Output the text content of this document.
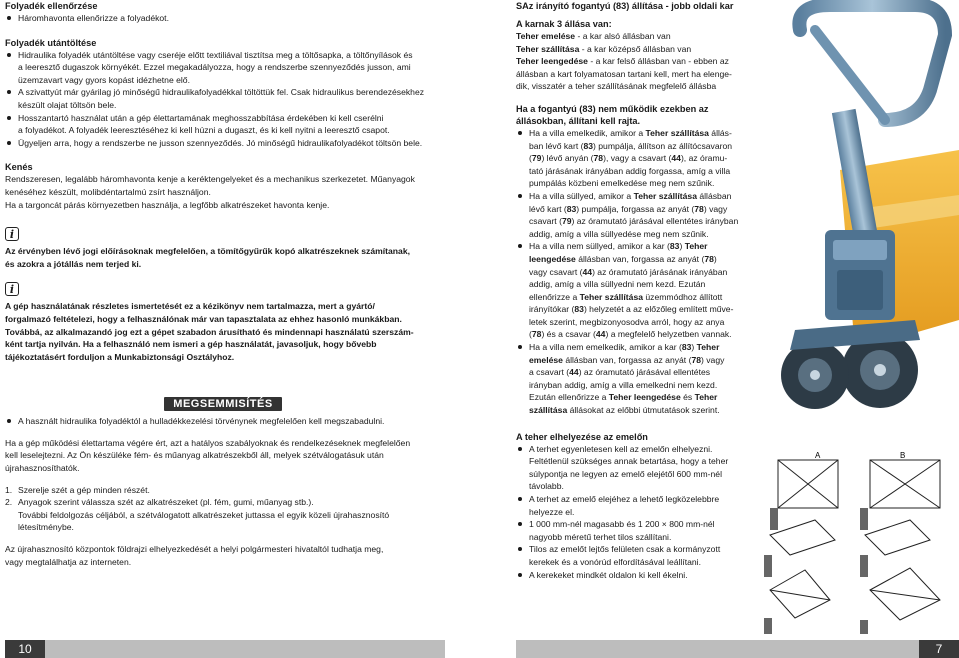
Folyadék ellenőrzése

Háromhavonta ellenőrizze a folyadékot.

Folyadék utántöltése

Hidraulika folyadék utántöltése vagy cseréje előtt textiliával tisztítsa meg a töltősapka, a töltőnyílások és
a leeresztő dugaszok környékét. Ezzel megakadályozza, hogy a rendszerbe szennyeződés jusson, ami
üzemzavart vagy gyors kopást idézhetne elő.
A szivattyút már gyárilag jó minőségű hidraulikafolyadékkal töltöttük fel. Csak hidraulikus berendezésekhez
készült olajat töltsön bele.
Hosszantartó használat után a gép élettartamának meghosszabbítása érdekében ki kell cserélni
a folyadékot. A folyadék leeresztéséhez ki kell húzni a dugaszt, és ki kell nyitni a leeresztő csapot.
Ügyeljen arra, hogy a rendszerbe ne jusson szennyeződés. Jó minőségű hidraulikafolyadékot töltsön bele.

Kenés

Rendszeresen, legalább háromhavonta kenje a keréktengelyeket és a mechanikus szerkezetet. Műanyagok

kenéséhez készült, molibdéntartalmú zsírt használjon.

Ha a targoncát párás környezetben használja, a legfőbb alkatrészeket havonta kenje.

i

Az érvényben lévő jogi előírásoknak megfelelően, a tömítőgyűrűk kopó alkatrészeknek számítanak,

és azokra a jótállás nem terjed ki.

i

A gép használatának részletes ismertetését ez a kézikönyv nem tartalmazza, mert a gyártó/

forgalmazó feltételezi, hogy a felhasználónak már van tapasztalata az ehhez hasonló munkákban.

Továbbá, az alkalmazandó jog ezt a gépet szabadon árusítható és mindennapi használatú szerszám-

ként tartja nyilván. Ha a felhasználó nem ismeri a gép használatát, javasoljuk, hogy bővebb

tájékoztatásért forduljon a Munkabiztonsági Osztályhoz.

MEGSEMMISÍTÉS
A használt hidraulika folyadéktól a hulladékkezelési törvénynek megfelelően kell megszabadulni.

Ha a gép működési élettartama végére ért, azt a hatályos szabályoknak és rendelkezéseknek megfelelően

kell leselejtezni. Az Ön készüléke fém- és műanyag alkatrészekből áll, melyek szétválogatásuk után

újrahasznosíthatók.

1. Szerelje szét a gép minden részét.
2. Anyagok szerint válassza szét az alkatrészeket (pl. fém, gumi, műanyag stb.).
További feldolgozás céljából, a szétválogatott alkatrészeket juttassa el egyik közeli újrahasznosító
létesítménybe.

Az újrahasznosító központok földrajzi elhelyezkedését a helyi polgármesteri hivataltól tudhatja meg,

vagy megtalálhatja az interneten.

SAz irányító fogantyú (83) állítása - jobb oldali kar

A karnak 3 állása van:

Teher emelése - a kar alsó állásban van

Teher szállítása - a kar középső állásban van

Teher leengedése - a kar felső állásban van - ebben az

állásban a kart folyamatosan tartani kell, mert ha elenge-

dik, visszatér a teher szállításának megfelelő állásba

Ha a fogantyú (83) nem működik ezekben az
állásokban, állítani kell rajta.
Ha a villa emelkedik, amikor a Teher szállítása állás-
ban lévő kart (83) pumpálja, állítson az állítócsavaron
(79) lévő anyán (78), vagy a csavart (44), az óramu-
tató járásának irányában addig forgassa, amíg a villa
pumpálás közbeni emelkedése meg nem szűnik.
Ha a villa süllyed, amikor a Teher szállítása állásban
lévő kart (83) pumpálja, forgassa az anyát (78) vagy
csavart (79) az óramutató járásával ellentétes irányban
addig, amíg a villa süllyedése meg nem szűnik.
Ha a villa nem süllyed, amikor a kar (83) Teher
leengedése állásban van, forgassa az anyát (78)
vagy csavart (44) az óramutató járásának irányában
addig, amíg a villa süllyedni nem kezd. Ezután
ellenőrizze a Teher szállítása üzemmódhoz állított
irányítókar (83) helyzetét a az előzőleg említett műve-
letek szerint, megbizonyosodva arról, hogy az anya
(78) és a csavar (44) a megfelelő helyzetben vannak.
Ha a villa nem emelkedik, amikor a kar (83) Teher
emelése állásban van, forgassa az anyát (78) vagy
a csavart (44) az óramutató járásával ellentétes
irányban addig, amíg a villa emelkedni nem kezd.
Ezután ellenőrizze a Teher leengedése és Teher
szállítása állásokat az előbbi útmutatások szerint.

A teher elhelyezése az emelőn

A terhet egyenletesen kell az emelőn elhelyezni.
Feltétlenül szükséges annak betartása, hogy a teher
súlypontja ne legyen az emelő elejétől 600 mm-nél
távolabb.
A terhet az emelő elejéhez a lehető legközelebbre
helyezze el.
1 000 mm-nél magasabb és 1 200 × 800 mm-nél
nagyobb méretű terhet tilos szállítani.
Tilos az emelőt lejtős felületen csak a kormányzott
kerekek és a vonórúd elfordításával leállítani.
A kerekeket mindkét oldalon ki kell ékelni.
A	B
10	7
